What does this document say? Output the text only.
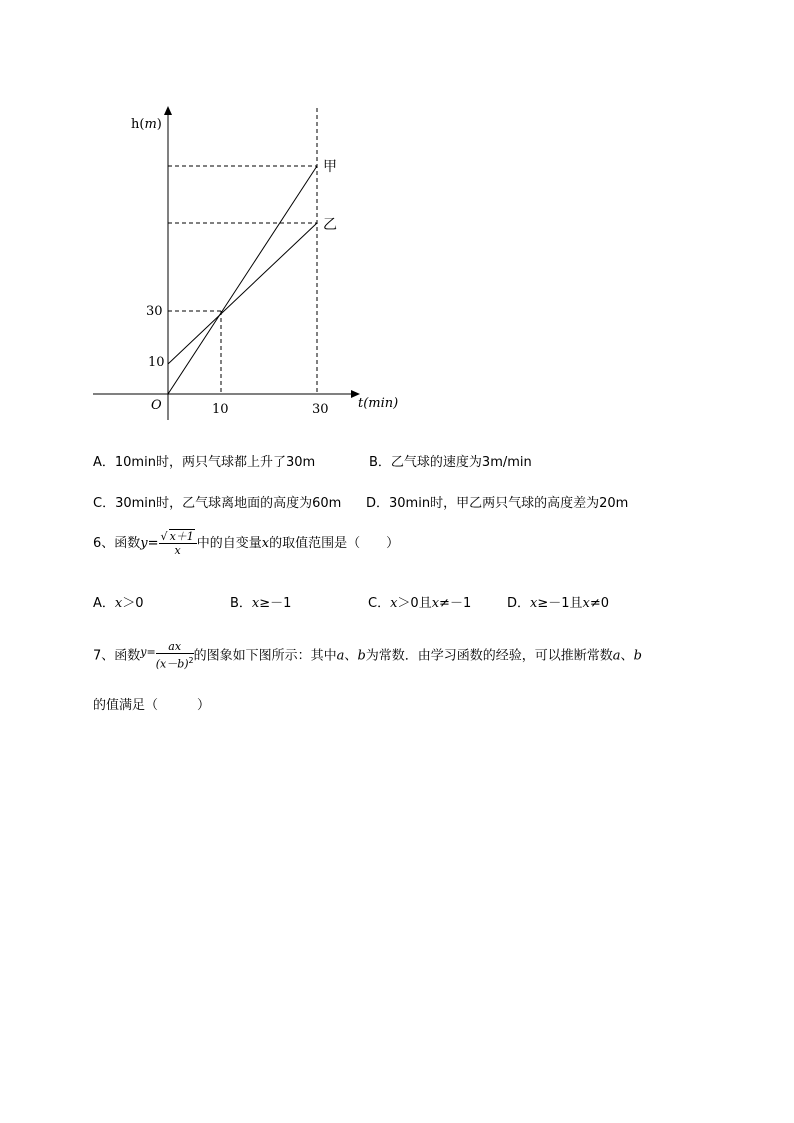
h(m)
30
10
O	10	30 t(min)
甲
乙
A．10min时，两只气球都上升了30m	B．乙气球的速度为3m/min
C．30min时，乙气球离地面的高度为60m D．30min时，甲乙两只气球的高度差为20m
6、函数$y= \frac{√ x+1}{x}$ 中的自变量x的取值范围是（　　）
A．x＞0	B．x≥－1	C．x＞0且x≠－1	D．x≥－1且x≠0
7、函数$^{y=} \frac{ax}{(x-b)^2}$ 的图象如下图所示：其中a、b为常数．由学习函数的经验，可以推断常数a、b
的值满足（　　　）
